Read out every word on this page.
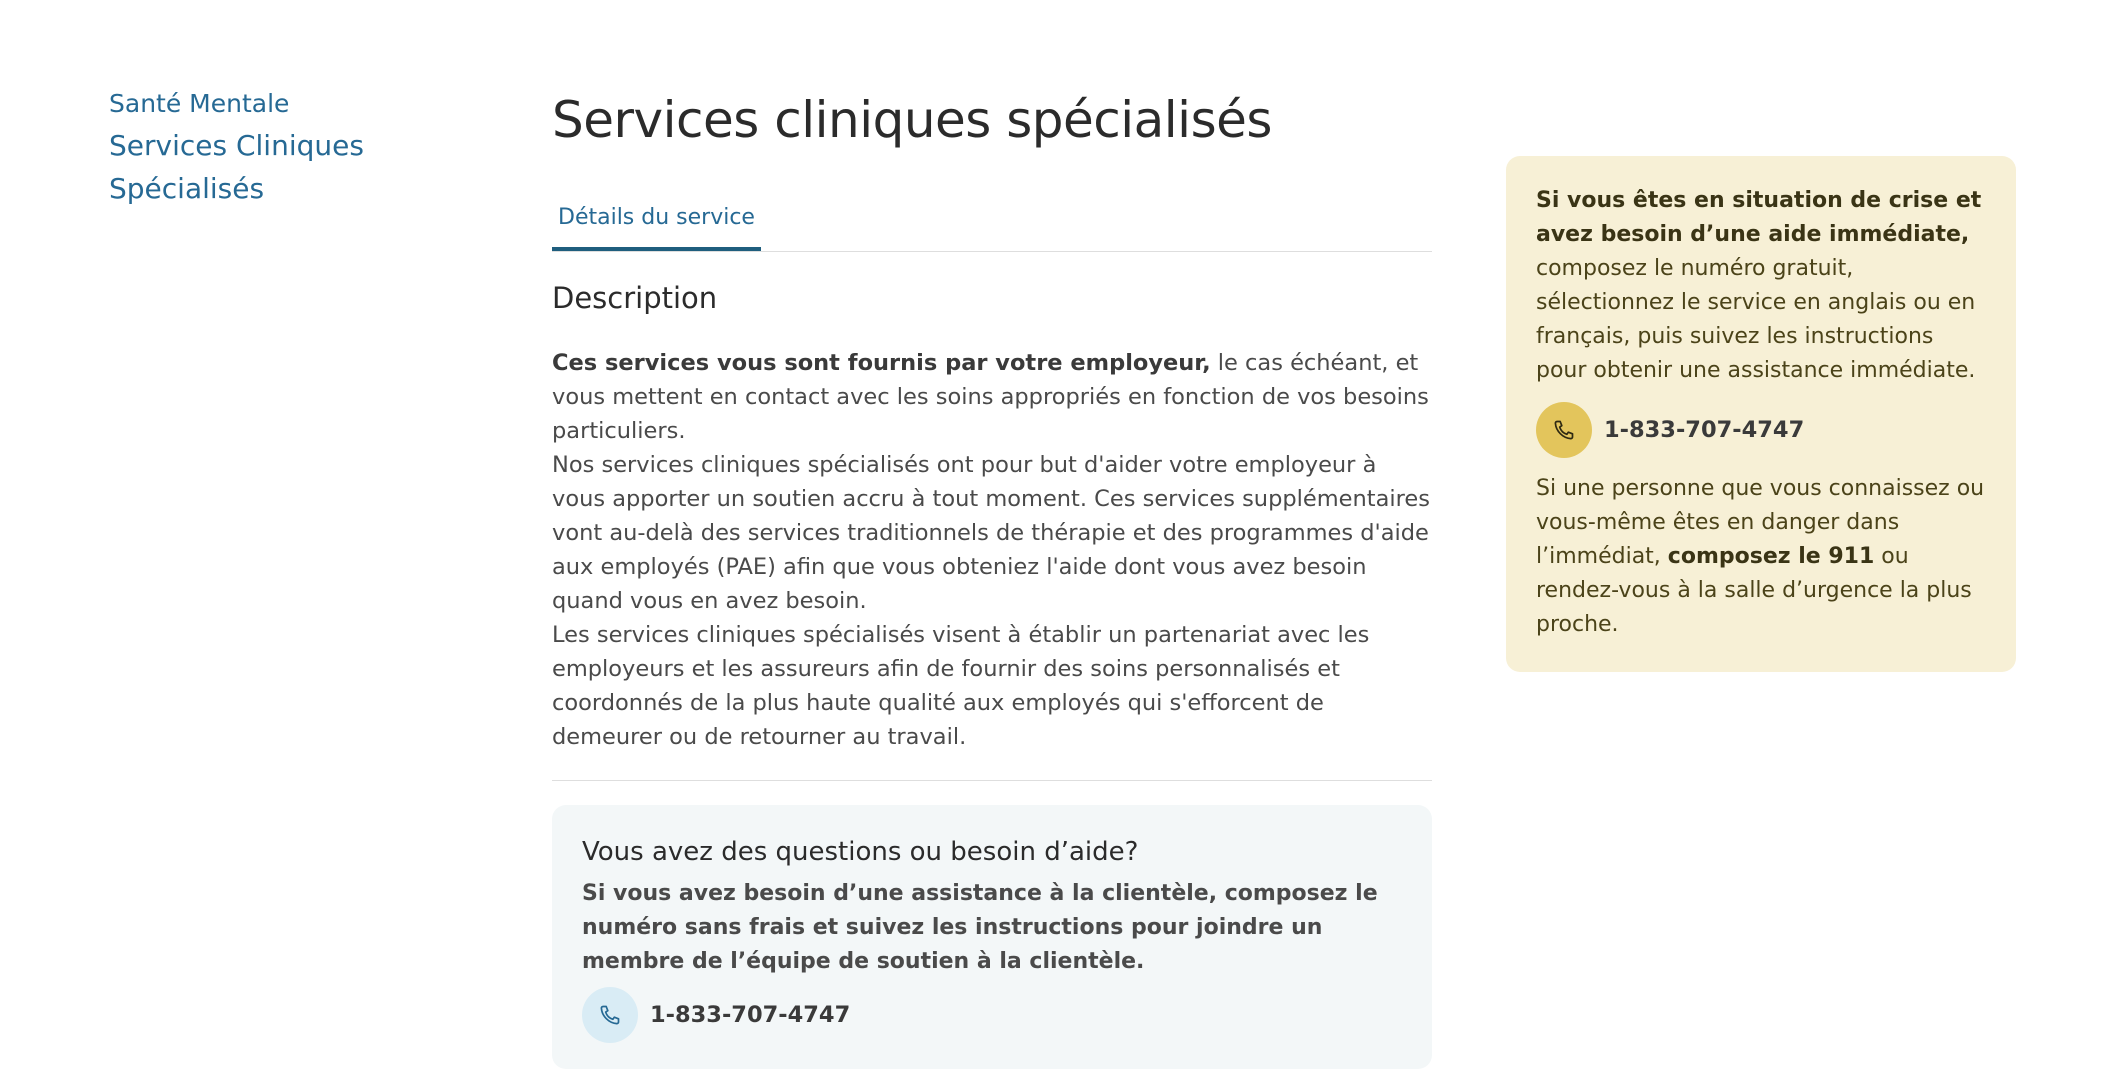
Santé Mentale
Services Cliniques Spécialisés
Services cliniques spécialisés
Détails du service
Description

Ces services vous sont fournis par votre employeur, le cas échéant, et vous mettent en contact avec les soins appropriés en fonction de vos besoins particuliers.

Nos services cliniques spécialisés ont pour but d'aider votre employeur à vous apporter un soutien accru à tout moment. Ces services supplémentaires vont au-delà des services traditionnels de thérapie et des programmes d'aide aux employés (PAE) afin que vous obteniez l'aide dont vous avez besoin quand vous en avez besoin.

Les services cliniques spécialisés visent à établir un partenariat avec les employeurs et les assureurs afin de fournir des soins personnalisés et coordonnés de la plus haute qualité aux employés qui s'efforcent de demeurer ou de retourner au travail.

Vous avez des questions ou besoin d’aide?

Si vous avez besoin d’une assistance à la clientèle, composez le numéro sans frais et suivez les instructions pour joindre un membre de l’équipe de soutien à la clientèle.

1-833-707-4747

Si vous êtes en situation de crise et avez besoin d’une aide immédiate, composez le numéro gratuit, sélectionnez le service en anglais ou en français, puis suivez les instructions pour obtenir une assistance immédiate.

1-833-707-4747

Si une personne que vous connaissez ou vous-même êtes en danger dans l’immédiat, composez le 911 ou rendez-vous à la salle d’urgence la plus proche.
